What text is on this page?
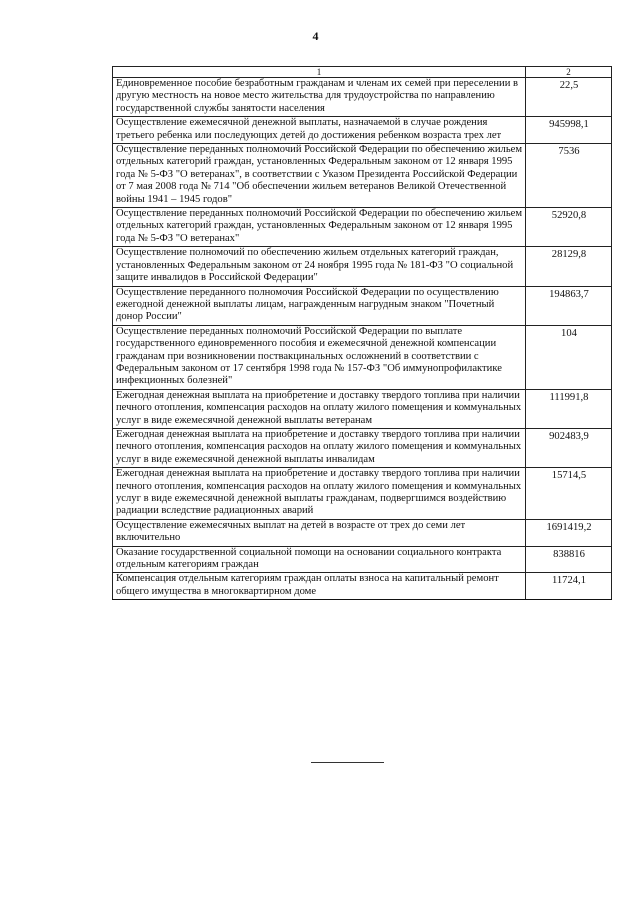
4
1	2
Единовременное пособие безработным гражданам и членам их семей при переселении в другую местность на новое место жительства для трудоустройства по направлению государственной службы занятости населения	22,5
Осуществление ежемесячной денежной выплаты, назначаемой в случае рождения третьего ребенка или последующих детей до достижения ребенком возраста трех лет	945998,1
Осуществление переданных полномочий Российской Федерации по обеспечению жильем отдельных категорий граждан, установленных Федеральным законом от 12 января 1995 года № 5-ФЗ "О ветеранах", в соответствии с Указом Президента Российской Федерации от 7 мая 2008 года № 714 "Об обеспечении жильем ветеранов Великой Отечественной войны 1941 – 1945 годов"	7536
Осуществление переданных полномочий Российской Федерации по обеспечению жильем отдельных категорий граждан, установленных Федеральным законом от 12 января 1995 года № 5-ФЗ "О ветеранах"	52920,8
Осуществление полномочий по обеспечению жильем отдельных категорий граждан, установленных Федеральным законом от 24 ноября 1995 года № 181-ФЗ "О социальной защите инвалидов в Российской Федерации"	28129,8
Осуществление переданного полномочия Российской Федерации по осуществлению ежегодной денежной выплаты лицам, награжденным нагрудным знаком "Почетный донор России"	194863,7
Осуществление переданных полномочий Российской Федерации по выплате государственного единовременного пособия и ежемесячной денежной компенсации гражданам при возникновении поствакцинальных осложнений в соответствии с Федеральным законом от 17 сентября 1998 года № 157-ФЗ "Об иммунопрофилактике инфекционных болезней"	104
Ежегодная денежная выплата на приобретение и доставку твердого топлива при наличии печного отопления, компенсация расходов на оплату жилого помещения и коммунальных услуг в виде ежемесячной денежной выплаты ветеранам	111991,8
Ежегодная денежная выплата на приобретение и доставку твердого топлива при наличии печного отопления, компенсация расходов на оплату жилого помещения и коммунальных услуг в виде ежемесячной денежной выплаты инвалидам	902483,9
Ежегодная денежная выплата на приобретение и доставку твердого топлива при наличии печного отопления, компенсация расходов на оплату жилого помещения и коммунальных услуг в виде ежемесячной денежной выплаты гражданам, подвергшимся воздействию радиации вследствие радиационных аварий	15714,5
Осуществление ежемесячных выплат на детей в возрасте от трех до семи лет включительно	1691419,2
Оказание государственной социальной помощи на основании социального контракта отдельным категориям граждан	838816
Компенсация отдельным категориям граждан оплаты взноса на капитальный ремонт общего имущества в многоквартирном доме	11724,1
